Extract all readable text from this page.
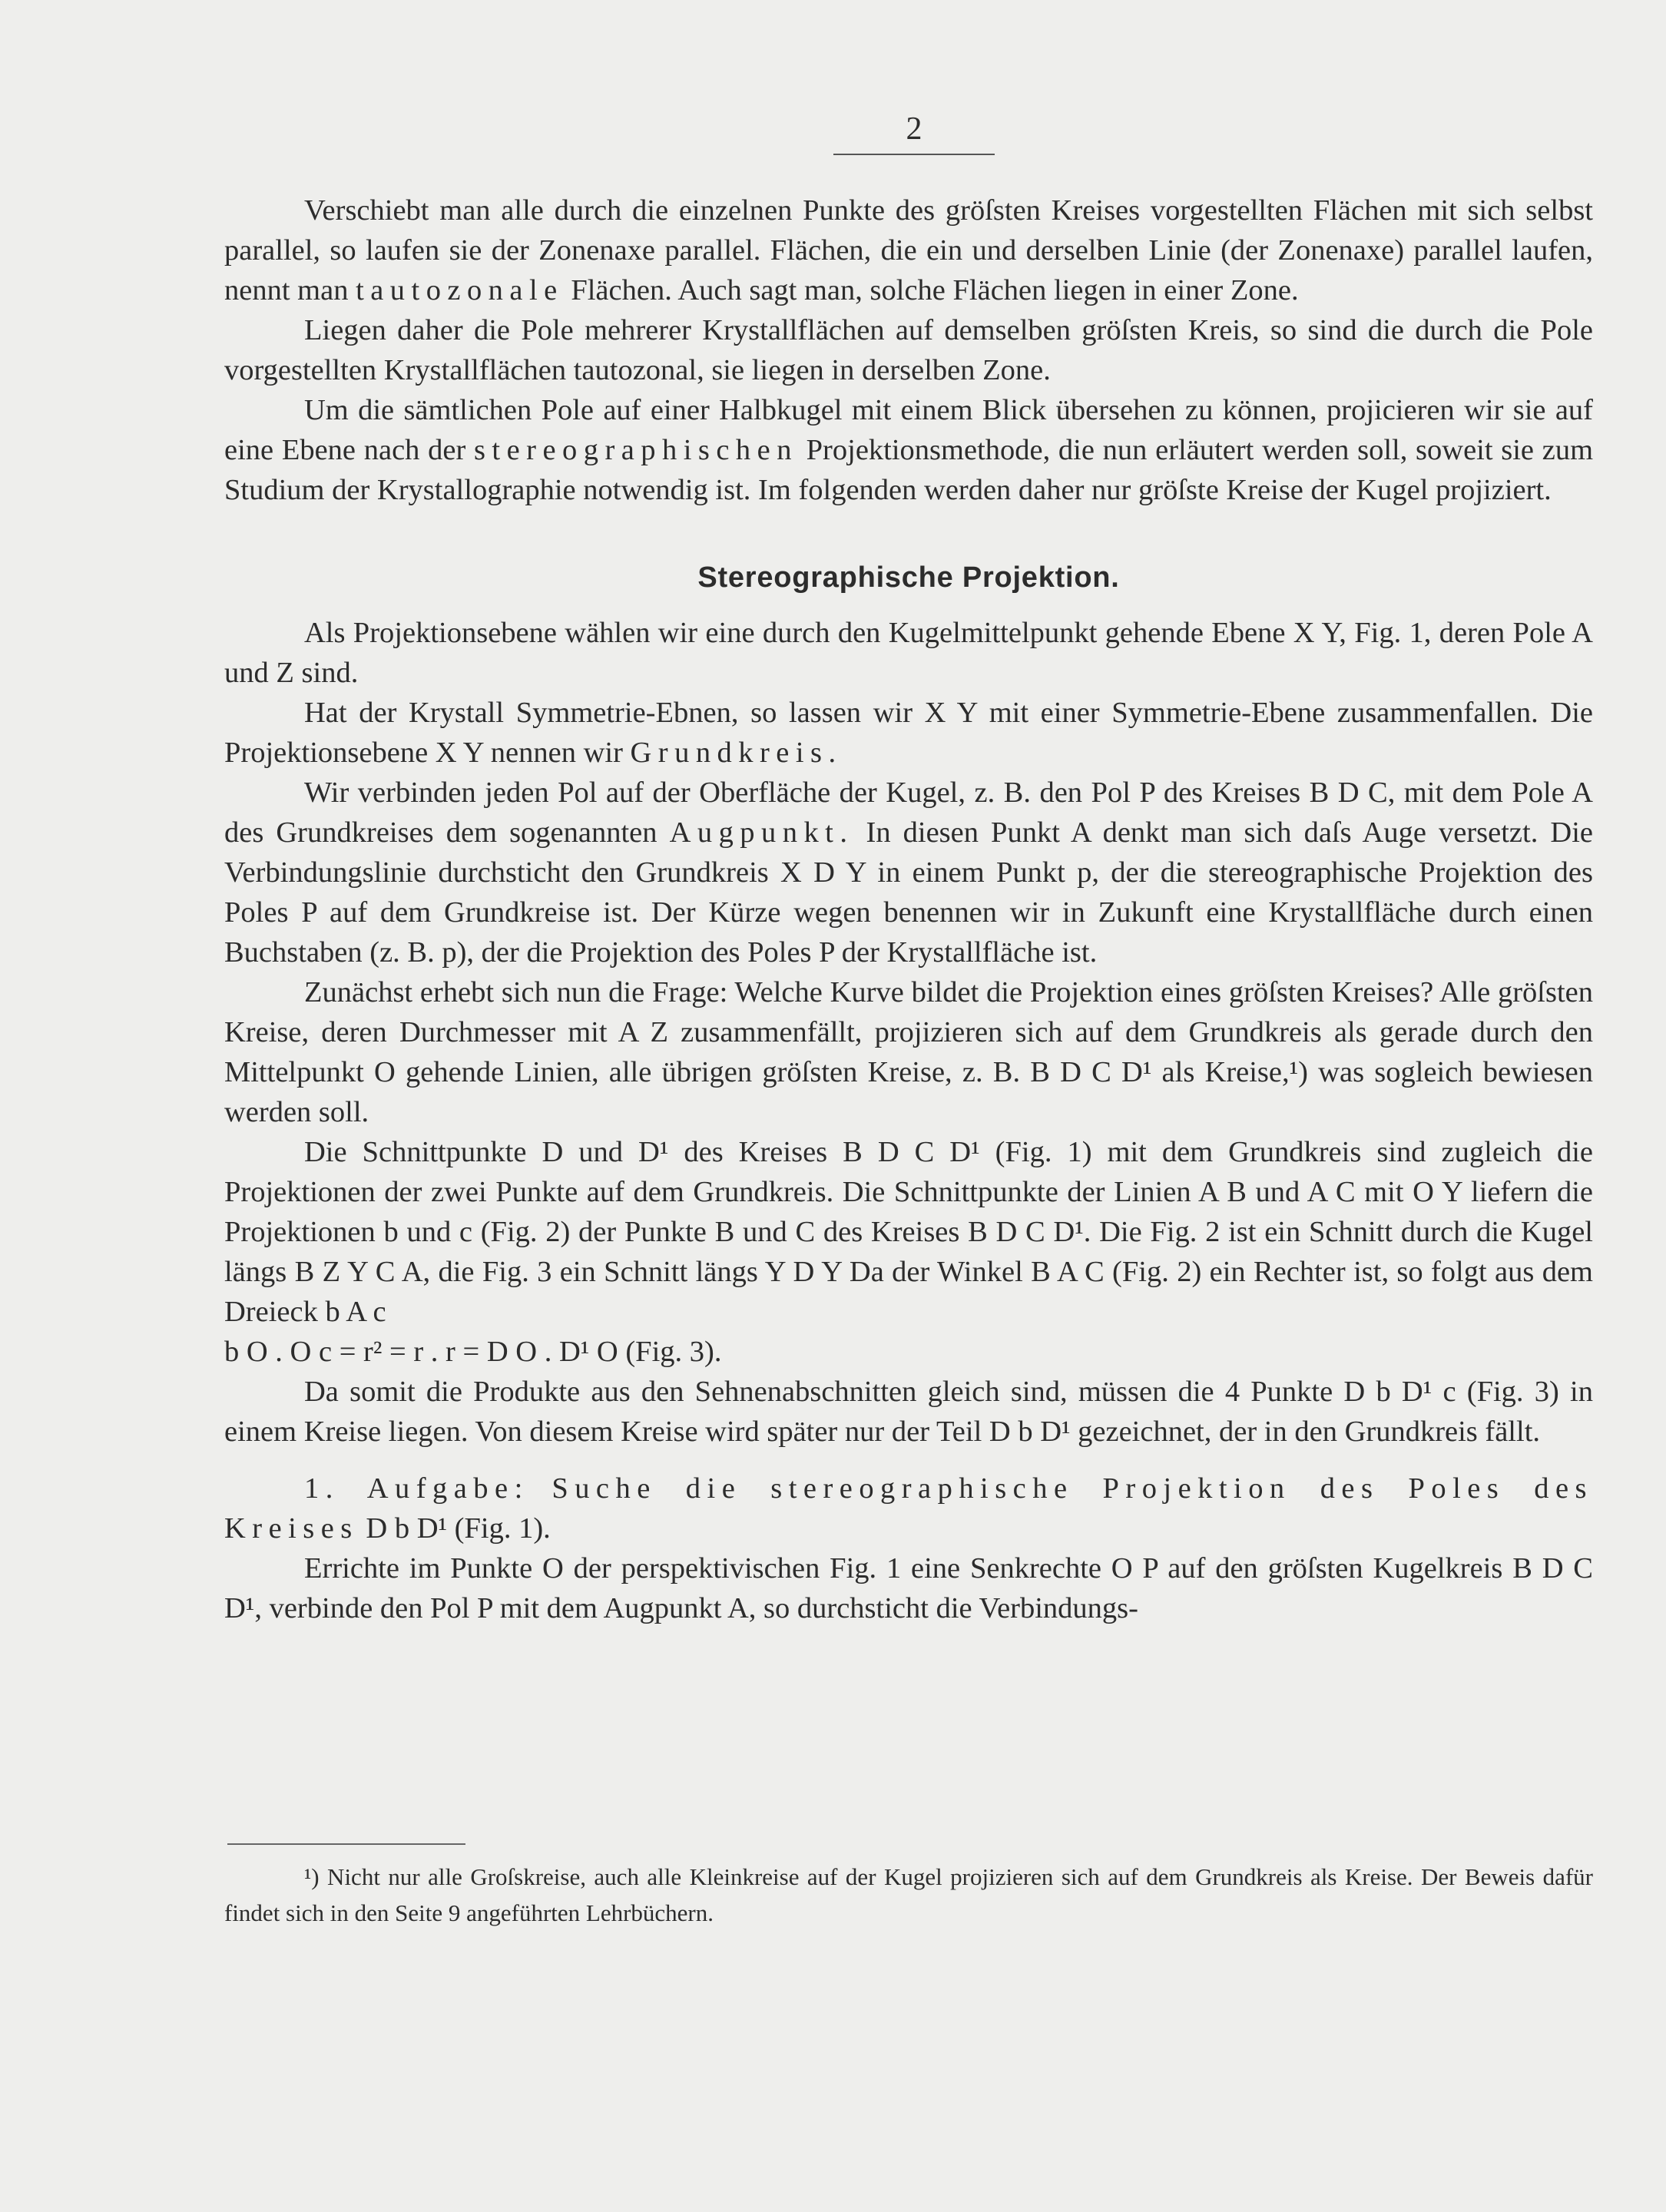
2

Verschiebt man alle durch die einzelnen Punkte des gröſsten Kreises vorgestellten Flächen mit sich selbst parallel, so laufen sie der Zonenaxe parallel. Flächen, die ein und derselben Linie (der Zonenaxe) parallel laufen, nennt man tautozonale Flächen. Auch sagt man, solche Flächen liegen in einer Zone.

Liegen daher die Pole mehrerer Krystallflächen auf demselben gröſsten Kreis, so sind die durch die Pole vorgestellten Krystallflächen tautozonal, sie liegen in derselben Zone.

Um die sämtlichen Pole auf einer Halbkugel mit einem Blick übersehen zu können, projicieren wir sie auf eine Ebene nach der stereographischen Projektionsmethode, die nun erläutert werden soll, soweit sie zum Studium der Krystallographie notwendig ist. Im folgenden werden daher nur gröſste Kreise der Kugel projiziert.

Stereographische Projektion.

Als Projektionsebene wählen wir eine durch den Kugelmittelpunkt gehende Ebene X Y, Fig. 1, deren Pole A und Z sind.

Hat der Krystall Symmetrie-Ebnen, so lassen wir X Y mit einer Symmetrie-Ebene zusammenfallen. Die Projektionsebene X Y nennen wir Grundkreis.

Wir verbinden jeden Pol auf der Oberfläche der Kugel, z. B. den Pol P des Kreises B D C, mit dem Pole A des Grundkreises dem sogenannten Augpunkt. In diesen Punkt A denkt man sich daſs Auge versetzt. Die Verbindungslinie durchsticht den Grundkreis X D Y in einem Punkt p, der die stereographische Projektion des Poles P auf dem Grundkreise ist. Der Kürze wegen benennen wir in Zukunft eine Krystallfläche durch einen Buchstaben (z. B. p), der die Projektion des Poles P der Krystallfläche ist.

Zunächst erhebt sich nun die Frage: Welche Kurve bildet die Projektion eines gröſsten Kreises? Alle gröſsten Kreise, deren Durchmesser mit A Z zusammenfällt, projizieren sich auf dem Grundkreis als gerade durch den Mittelpunkt O gehende Linien, alle übrigen gröſsten Kreise, z. B. B D C D¹ als Kreise,¹) was sogleich bewiesen werden soll.

Die Schnittpunkte D und D¹ des Kreises B D C D¹ (Fig. 1) mit dem Grundkreis sind zugleich die Projektionen der zwei Punkte auf dem Grundkreis. Die Schnittpunkte der Linien A B und A C mit O Y liefern die Projektionen b und c (Fig. 2) der Punkte B und C des Kreises B D C D¹. Die Fig. 2 ist ein Schnitt durch die Kugel längs B Z Y C A, die Fig. 3 ein Schnitt längs Y D Y Da der Winkel B A C (Fig. 2) ein Rechter ist, so folgt aus dem Dreieck b A c

b O . O c = r² = r . r = D O . D¹ O (Fig. 3).

Da somit die Produkte aus den Sehnenabschnitten gleich sind, müssen die 4 Punkte D b D¹ c (Fig. 3) in einem Kreise liegen. Von diesem Kreise wird später nur der Teil D b D¹ gezeichnet, der in den Grundkreis fällt.

1. Aufgabe: Suche die stereographische Projektion des Poles des Kreises D b D¹ (Fig. 1).

Errichte im Punkte O der perspektivischen Fig. 1 eine Senkrechte O P auf den gröſsten Kugelkreis B D C D¹, verbinde den Pol P mit dem Augpunkt A, so durchsticht die Verbindungs-

¹) Nicht nur alle Groſskreise, auch alle Kleinkreise auf der Kugel projizieren sich auf dem Grundkreis als Kreise. Der Beweis dafür findet sich in den Seite 9 angeführten Lehrbüchern.
